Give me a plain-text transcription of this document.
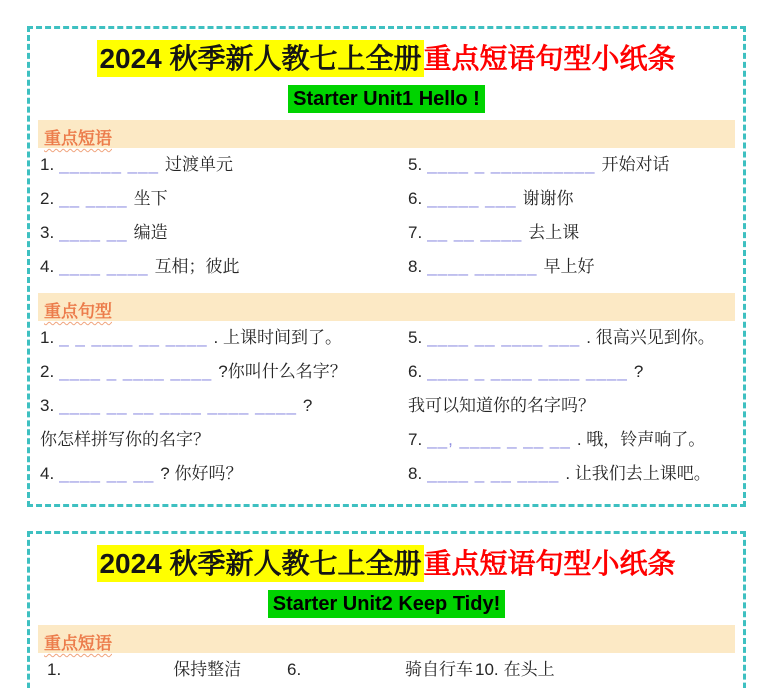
2024 秋季新人教七上全册重点短语句型小纸条
Starter Unit1 Hello !
重点短语
1. ______ ___ 过渡单元
2. __ ____ 坐下
3. ____ __ 编造
4. ____ ____ 互相；彼此
5. ____ _ __________ 开始对话
6. _____ ___ 谢谢你
7. __ __ ____ 去上课
8. ____ ______ 早上好
重点句型
1. _ _ ____ __ ____ . 上课时间到了。
2. ____ _ ____ ____ ?你叫什么名字？
3. ____ __ __ ____ ____ ____ ?
你怎样拼写你的名字？
4. ____ __ __ ? 你好吗？
5. ____ __ ____ ___ . 很高兴见到你。
6. ____ _ ____ ____ ____ ?
我可以知道你的名字吗？
7. __, ____ _ __ __ . 哦，铃声响了。
8. ____ _ __ ____ . 让我们去上课吧。
2024 秋季新人教七上全册重点短语句型小纸条
Starter Unit2 Keep Tidy!
重点短语
1.	保持整洁	6.	骑自行车 10. 在头上
